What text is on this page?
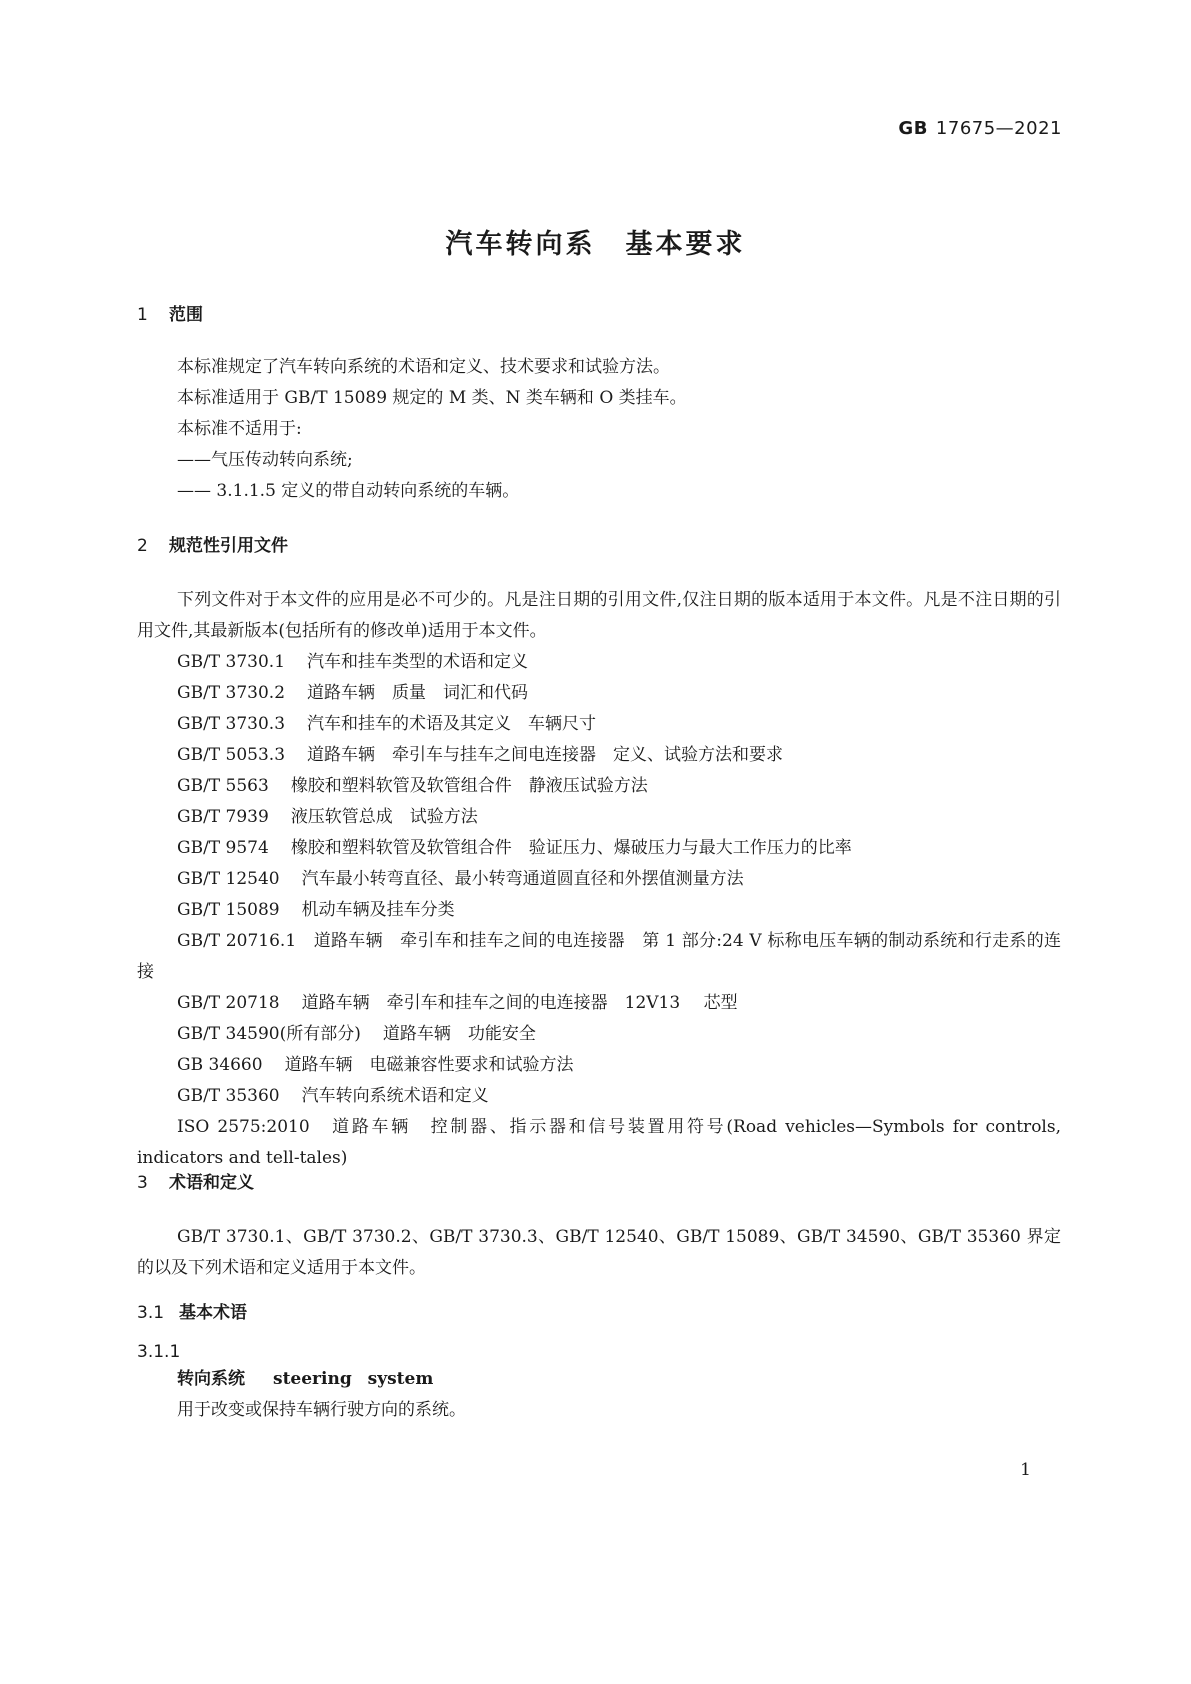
GB 17675—2021
汽车转向系　基本要求
1 范围

本标准规定了汽车转向系统的术语和定义、技术要求和试验方法。

本标准适用于 GB/T 15089 规定的 M 类、N 类车辆和 O 类挂车。

本标准不适用于:

——气压传动转向系统;

—— 3.1.1.5 定义的带自动转向系统的车辆。

2 规范性引用文件

下列文件对于本文件的应用是必不可少的。凡是注日期的引用文件,仅注日期的版本适用于本文件。凡是不注日期的引用文件,其最新版本(包括所有的修改单)适用于本文件。

GB/T 3730.1 汽车和挂车类型的术语和定义

GB/T 3730.2 道路车辆　质量　词汇和代码

GB/T 3730.3 汽车和挂车的术语及其定义　车辆尺寸

GB/T 5053.3 道路车辆　牵引车与挂车之间电连接器　定义、试验方法和要求

GB/T 5563 橡胶和塑料软管及软管组合件　静液压试验方法

GB/T 7939 液压软管总成　试验方法

GB/T 9574 橡胶和塑料软管及软管组合件　验证压力、爆破压力与最大工作压力的比率

GB/T 12540 汽车最小转弯直径、最小转弯通道圆直径和外摆值测量方法

GB/T 15089 机动车辆及挂车分类

GB/T 20716.1　道路车辆　牵引车和挂车之间的电连接器　第 1 部分:24 V 标称电压车辆的制动系统和行走系的连接

GB/T 20718 道路车辆　牵引车和挂车之间的电连接器　12V13 芯型

GB/T 34590(所有部分) 道路车辆　功能安全

GB 34660 道路车辆　电磁兼容性要求和试验方法

GB/T 35360 汽车转向系统术语和定义

ISO 2575:2010　道路车辆　控制器、指示器和信号装置用符号(Road vehicles—Symbols for controls, indicators and tell-tales)

3 术语和定义

GB/T 3730.1、GB/T 3730.2、GB/T 3730.3、GB/T 12540、GB/T 15089、GB/T 34590、GB/T 35360 界定的以及下列术语和定义适用于本文件。

3.1 基本术语
3.1.1

转向系统 steering system

用于改变或保持车辆行驶方向的系统。

1
